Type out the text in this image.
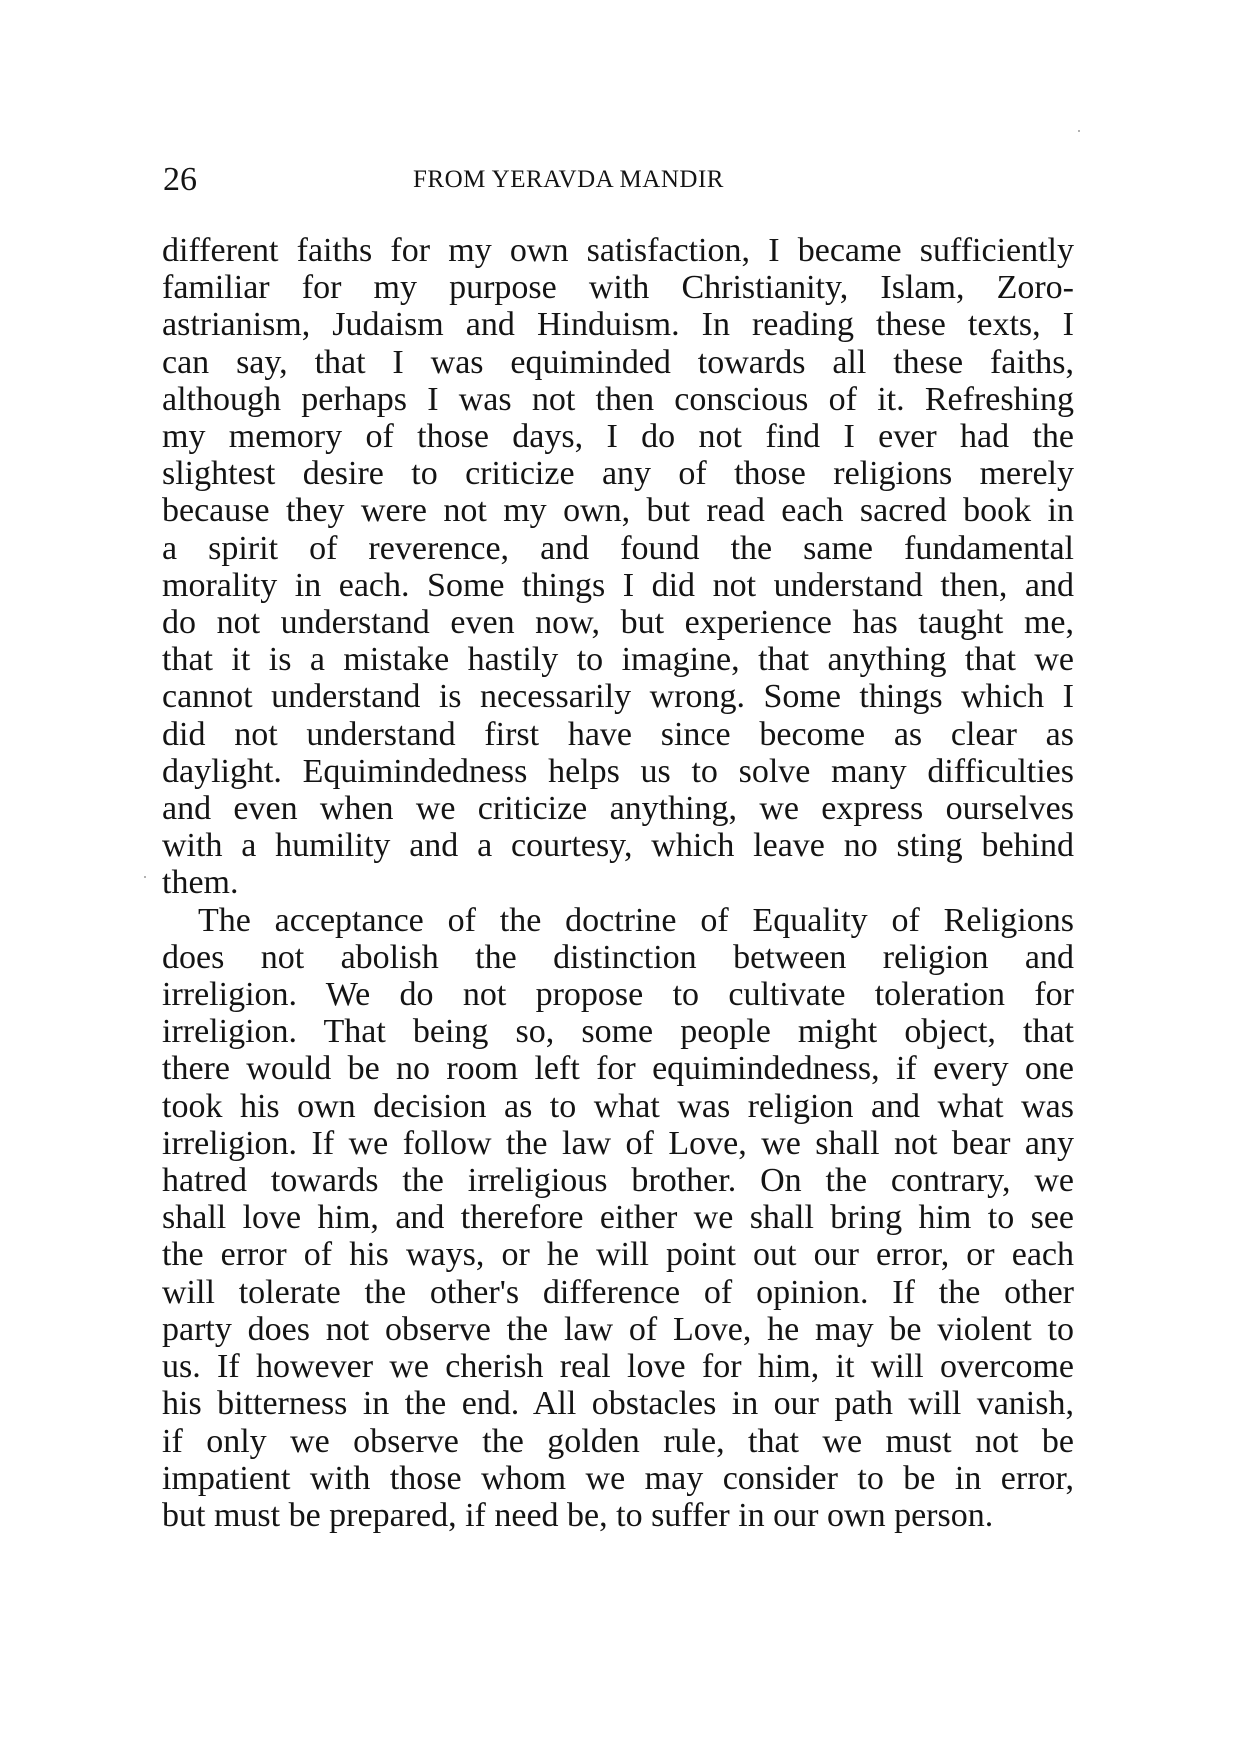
26	FROM YERAVDA MANDIR
different faiths for my own satisfaction, I became sufficiently
familiar for my purpose with Christianity, Islam, Zoro-
astrianism, Judaism and Hinduism. In reading these texts, I
can say, that I was equiminded towards all these faiths,
although perhaps I was not then conscious of it. Refreshing
my memory of those days, I do not find I ever had the
slightest desire to criticize any of those religions merely
because they were not my own, but read each sacred book in
a spirit of reverence, and found the same fundamental
morality in each. Some things I did not understand then, and
do not understand even now, but experience has taught me,
that it is a mistake hastily to imagine, that anything that we
cannot understand is necessarily wrong. Some things which I
did not understand first have since become as clear as
daylight. Equimindedness helps us to solve many difficulties
and even when we criticize anything, we express ourselves
with a humility and a courtesy, which leave no sting behind
them.
The acceptance of the doctrine of Equality of Religions
does not abolish the distinction between religion and
irreligion. We do not propose to cultivate toleration for
irreligion. That being so, some people might object, that
there would be no room left for equimindedness, if every one
took his own decision as to what was religion and what was
irreligion. If we follow the law of Love, we shall not bear any
hatred towards the irreligious brother. On the contrary, we
shall love him, and therefore either we shall bring him to see
the error of his ways, or he will point out our error, or each
will tolerate the other's difference of opinion. If the other
party does not observe the law of Love, he may be violent to
us. If however we cherish real love for him, it will overcome
his bitterness in the end. All obstacles in our path will vanish,
if only we observe the golden rule, that we must not be
impatient with those whom we may consider to be in error,
but must be prepared, if need be, to suffer in our own person.
